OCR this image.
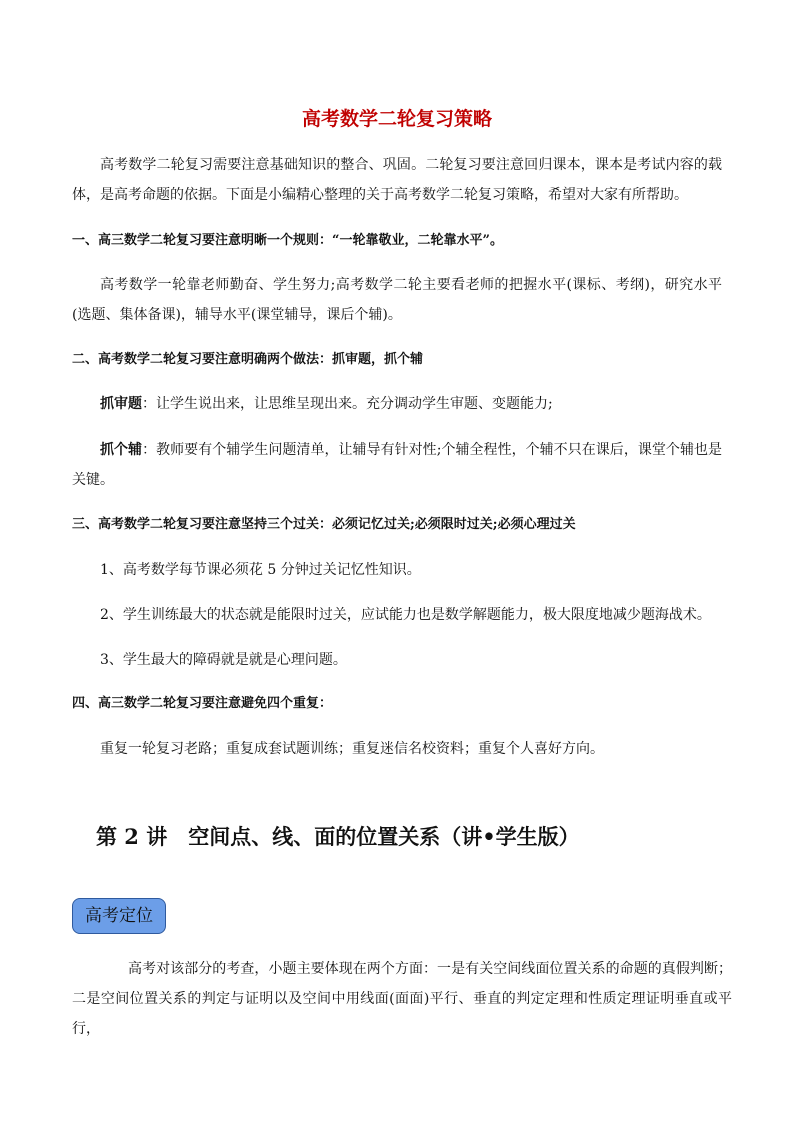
高考数学二轮复习策略
高考数学二轮复习需要注意基础知识的整合、巩固。二轮复习要注意回归课本，课本是考试内容的载体，是高考命题的依据。下面是小编精心整理的关于高考数学二轮复习策略，希望对大家有所帮助。
一、高三数学二轮复习要注意明晰一个规则：“一轮靠敬业，二轮靠水平”。
高考数学一轮靠老师勤奋、学生努力;高考数学二轮主要看老师的把握水平(课标、考纲)，研究水平(选题、集体备课)，辅导水平(课堂辅导，课后个辅)。
二、高考数学二轮复习要注意明确两个做法：抓审题，抓个辅
抓审题：让学生说出来，让思维呈现出来。充分调动学生审题、变题能力;
抓个辅：教师要有个辅学生问题清单，让辅导有针对性;个辅全程性，个辅不只在课后，课堂个辅也是关键。
三、高考数学二轮复习要注意坚持三个过关：必须记忆过关;必须限时过关;必须心理过关
1、高考数学每节课必须花 5 分钟过关记忆性知识。
2、学生训练最大的状态就是能限时过关，应试能力也是数学解题能力，极大限度地减少题海战术。
3、学生最大的障碍就是就是心理问题。
四、高三数学二轮复习要注意避免四个重复：
重复一轮复习老路；重复成套试题训练；重复迷信名校资料；重复个人喜好方向。
第 2 讲　空间点、线、面的位置关系（讲•学生版）
高考定位
高考对该部分的考查，小题主要体现在两个方面：一是有关空间线面位置关系的命题的真假判断；二是空间位置关系的判定与证明以及空间中用线面(面面)平行、垂直的判定定理和性质定理证明垂直或平行，
